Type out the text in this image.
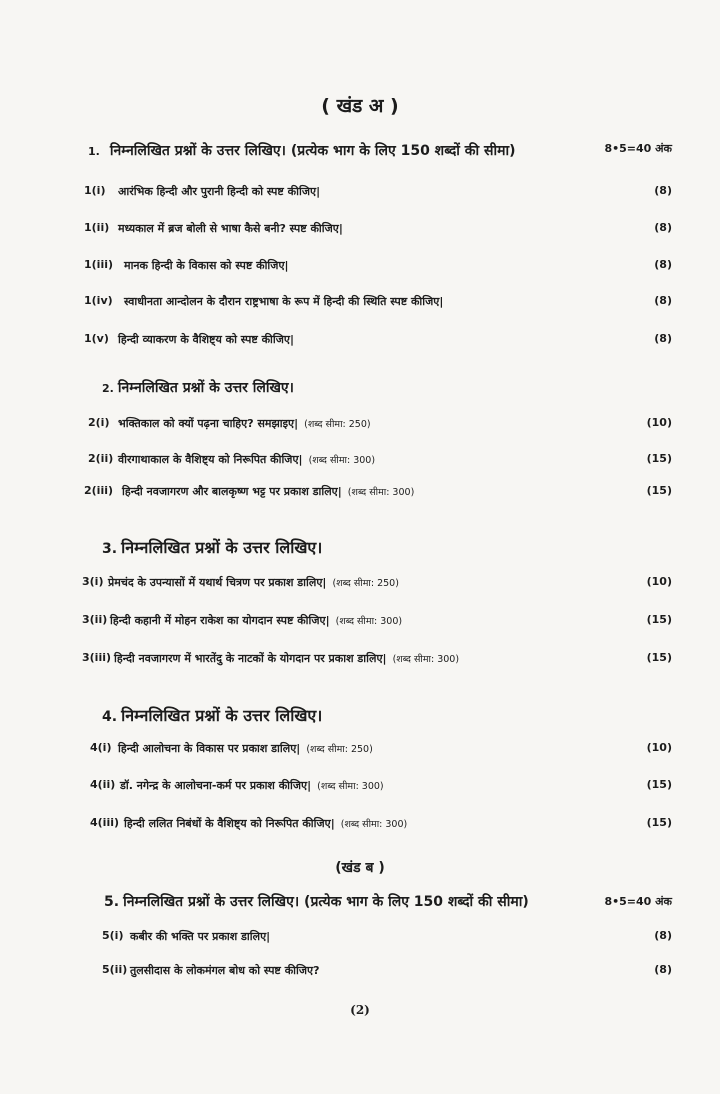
( खंड अ )
1. निम्नलिखित प्रश्नों के उत्तर लिखिए। (प्रत्येक भाग के लिए 150 शब्दों की सीमा)	8•5=40 अंक
1(i) आरंभिक हिन्दी और पुरानी हिन्दी को स्पष्ट कीजिए|	(8)
1(ii) मध्यकाल में ब्रज बोली से भाषा कैसे बनी? स्पष्ट कीजिए|	(8)
1(iii) मानक हिन्दी के विकास को स्पष्ट कीजिए|	(8)
1(iv) स्वाधीनता आन्दोलन के दौरान राष्ट्रभाषा के रूप में हिन्दी की स्थिति स्पष्ट कीजिए|	(8)
1(v) हिन्दी व्याकरण के वैशिष्ट्य को स्पष्ट कीजिए|	(8)
2. निम्नलिखित प्रश्नों के उत्तर लिखिए।
2(i) भक्तिकाल को क्यों पढ़ना चाहिए? समझाइए| (शब्द सीमा: 250)	(10)
2(ii) वीरगाथाकाल के वैशिष्ट्य को निरूपित कीजिए| (शब्द सीमा: 300)	(15)
2(iii) हिन्दी नवजागरण और बालकृष्ण भट्ट पर प्रकाश डालिए| (शब्द सीमा: 300)	(15)
3. निम्नलिखित प्रश्नों के उत्तर लिखिए।
3(i) प्रेमचंद के उपन्यासों में यथार्थ चित्रण पर प्रकाश डालिए| (शब्द सीमा: 250)	(10)
3(ii) हिन्दी कहानी में मोहन राकेश का योगदान स्पष्ट कीजिए| (शब्द सीमा: 300)	(15)
3(iii) हिन्दी नवजागरण में भारतेंदु के नाटकों के योगदान पर प्रकाश डालिए| (शब्द सीमा: 300)	(15)
4. निम्नलिखित प्रश्नों के उत्तर लिखिए।
4(i) हिन्दी आलोचना के विकास पर प्रकाश डालिए| (शब्द सीमा: 250)	(10)
4(ii) डॉ. नगेन्द्र के आलोचना-कर्म पर प्रकाश कीजिए| (शब्द सीमा: 300)	(15)
4(iii) हिन्दी ललित निबंधों के वैशिष्ट्य को निरूपित कीजिए| (शब्द सीमा: 300)	(15)
(खंड ब )
5. निम्नलिखित प्रश्नों के उत्तर लिखिए। (प्रत्येक भाग के लिए 150 शब्दों की सीमा)	8•5=40 अंक
5(i) कबीर की भक्ति पर प्रकाश डालिए|	(8)
5(ii) तुलसीदास के लोकमंगल बोध को स्पष्ट कीजिए?	(8)
(2)
